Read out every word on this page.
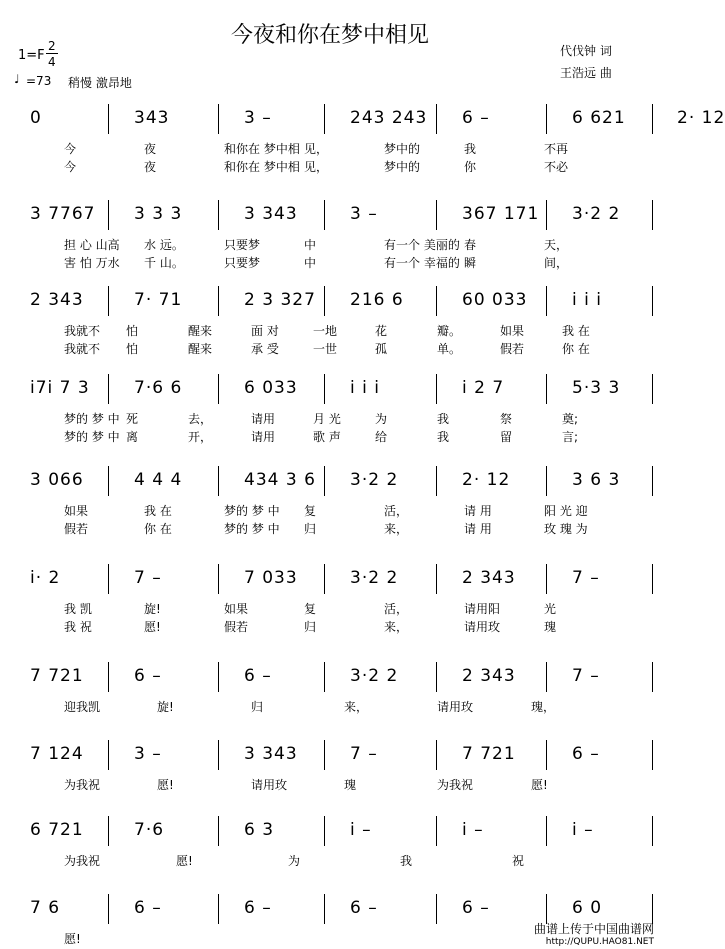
今夜和你在梦中相见
代伐钟 词
王浩远 曲
1=F
2
4
♩ =73 稍慢 激昂地
0	343	3 –	243 243 6 –	6 621	2· 12
今	夜	和你在 梦中相 见，	梦中的	我	不再
今	夜	和你在 梦中相 见，	梦中的	你	不必
3 7767 3 3 3	3 343	3 –	367 171 3·2 2
担 心 山高 水 远。	只要梦	中	有一个 美丽的 春	天，
害 怕 万水 千 山。	只要梦	中	有一个 幸福的 瞬	间，
2 343	7· 71	2 3 327 216 6	60 033	i i i
我就不 怕	醒来	面 对	一地	花	瓣。	如果	我 在
我就不 怕	醒来	承 受	一世	孤	单。	假若	你 在
i7i 7 3	7·6 6	6 033	i i i	i 2 7	5·3 3
梦的 梦 中 死	去，	请用	月 光	为	我	祭	奠;
梦的 梦 中 离	开，	请用	歌 声	给	我	留	言;
3 066	4 4 4	434 3 6 3·2 2	2· 12	3 6 3
如果	我 在	梦的 梦 中 复	活，	请 用	阳 光 迎
假若	你 在	梦的 梦 中 归	来，	请 用	玫 瑰 为
i· 2	7 –	7 033	3·2 2	2 343	7 –
我 凯	旋!	如果	复	活，	请用阳	光
我 祝	愿!	假若	归	来，	请用玫	瑰
7 721	6 –	6 –	3·2 2	2 343	7 –
迎我凯	旋!	归	来，	请用玫	瑰，
7 124	3 –	3 343	7 –	7 721	6 –
为我祝	愿!	请用玫	瑰	为我祝	愿!
6 721	7·6	6 3	i –	i –	i –
为我祝	愿!	为	我	祝
7 6	6 –	6 –	6 –	6 –	6 0
愿!
曲谱上传于中国曲谱网
http://QUPU.HAO81.NET
